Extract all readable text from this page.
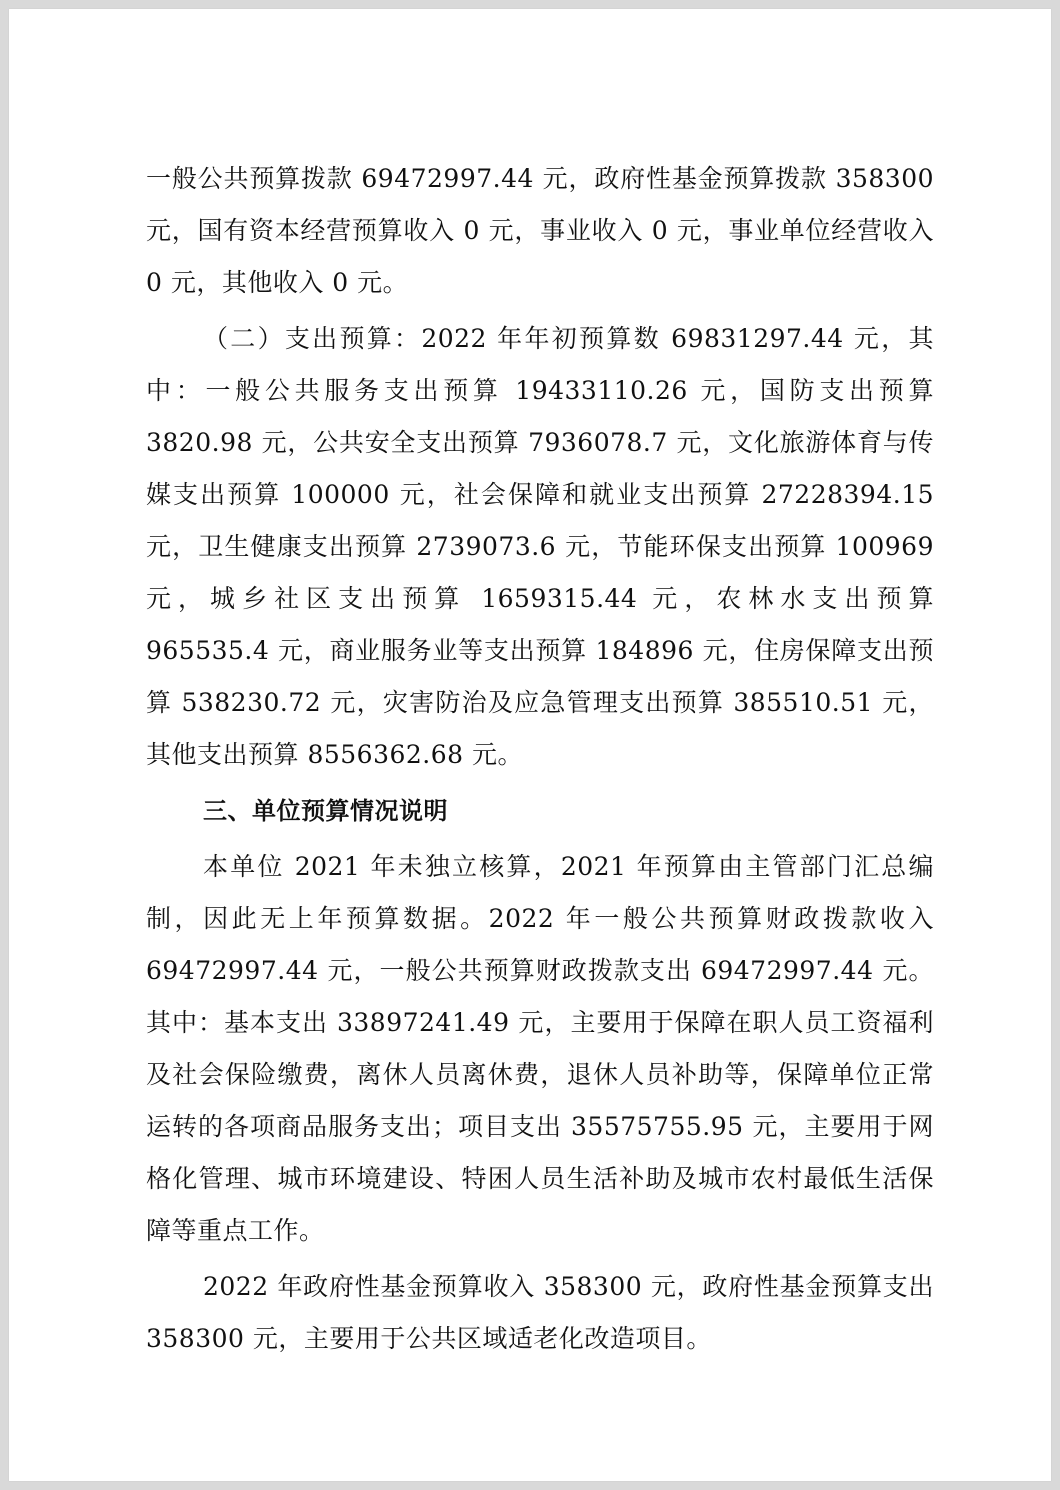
一般公共预算拨款 69472997.44 元，政府性基金预算拨款 358300 元，国有资本经营预算收入 0 元，事业收入 0 元，事业单位经营收入 0 元，其他收入 0 元。

（二）支出预算：2022 年年初预算数 69831297.44 元，其中：一般公共服务支出预算 19433110.26 元，国防支出预算 3820.98 元，公共安全支出预算 7936078.7 元，文化旅游体育与传媒支出预算 100000 元，社会保障和就业支出预算 27228394.15 元，卫生健康支出预算 2739073.6 元，节能环保支出预算 100969 元，城乡社区支出预算 1659315.44 元，农林水支出预算 965535.4 元，商业服务业等支出预算 184896 元，住房保障支出预算 538230.72 元，灾害防治及应急管理支出预算 385510.51 元，其他支出预算 8556362.68 元。

三、单位预算情况说明

本单位 2021 年未独立核算，2021 年预算由主管部门汇总编制，因此无上年预算数据。2022 年一般公共预算财政拨款收入 69472997.44 元，一般公共预算财政拨款支出 69472997.44 元。其中：基本支出 33897241.49 元，主要用于保障在职人员工资福利及社会保险缴费，离休人员离休费，退休人员补助等，保障单位正常运转的各项商品服务支出；项目支出 35575755.95 元，主要用于网格化管理、城市环境建设、特困人员生活补助及城市农村最低生活保障等重点工作。

2022 年政府性基金预算收入 358300 元，政府性基金预算支出 358300 元，主要用于公共区域适老化改造项目。
